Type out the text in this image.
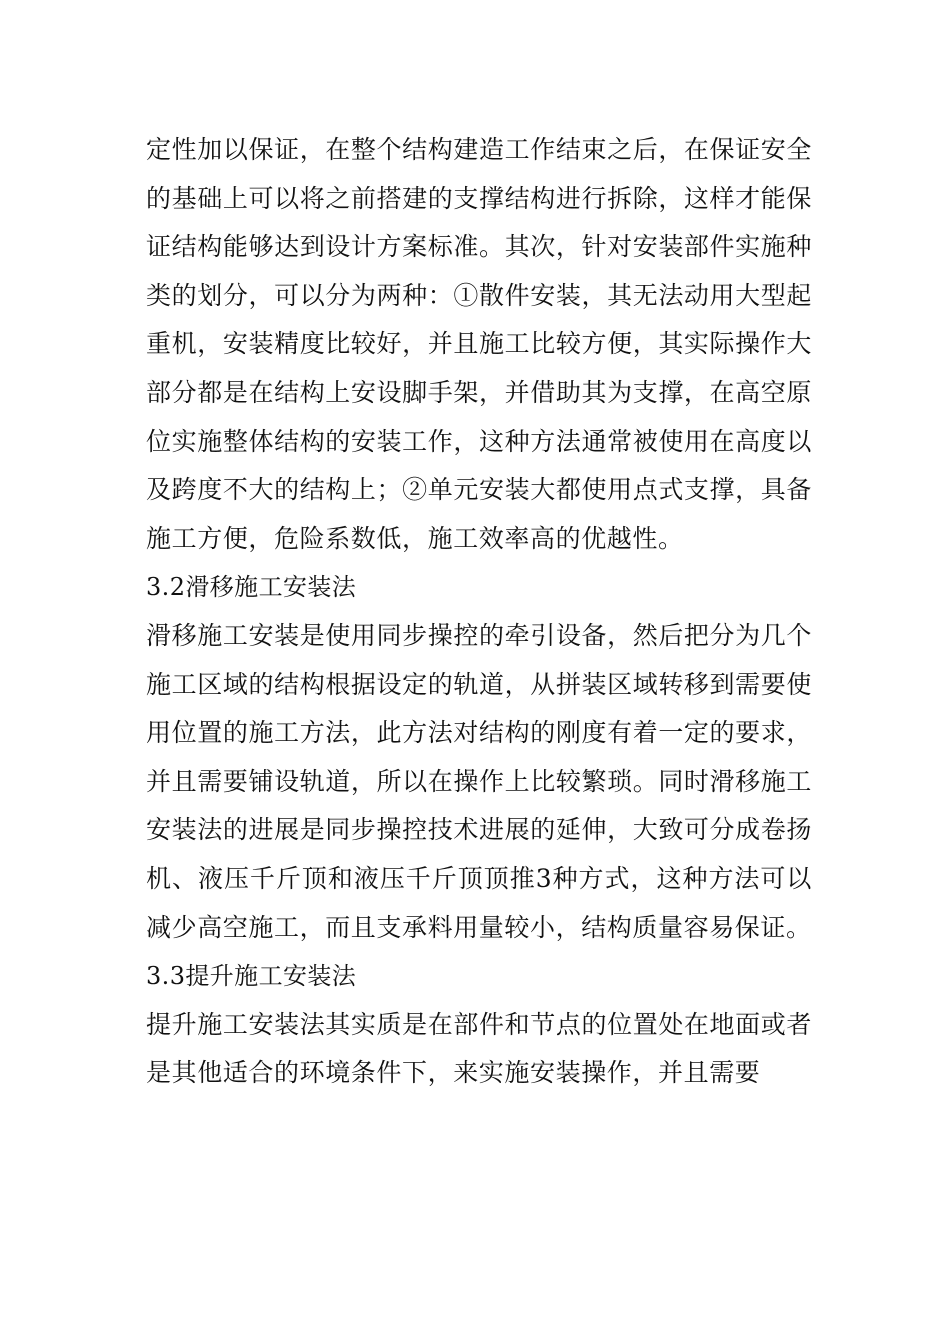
定性加以保证，在整个结构建造工作结束之后，在保证安全的基础上可以将之前搭建的支撑结构进行拆除，这样才能保证结构能够达到设计方案标准。其次，针对安装部件实施种类的划分，可以分为两种：①散件安装，其无法动用大型起重机，安装精度比较好，并且施工比较方便，其实际操作大部分都是在结构上安设脚手架，并借助其为支撑，在高空原位实施整体结构的安装工作，这种方法通常被使用在高度以及跨度不大的结构上；②单元安装大都使用点式支撑，具备施工方便，危险系数低，施工效率高的优越性。

3.2滑移施工安装法

滑移施工安装是使用同步操控的牵引设备，然后把分为几个施工区域的结构根据设定的轨道，从拼装区域转移到需要使用位置的施工方法，此方法对结构的刚度有着一定的要求，并且需要铺设轨道，所以在操作上比较繁琐。同时滑移施工安装法的进展是同步操控技术进展的延伸，大致可分成卷扬机、液压千斤顶和液压千斤顶顶推3种方式，这种方法可以减少高空施工，而且支承料用量较小，结构质量容易保证。

3.3提升施工安装法

提升施工安装法其实质是在部件和节点的位置处在地面或者是其他适合的环境条件下，来实施安装操作，并且需要
